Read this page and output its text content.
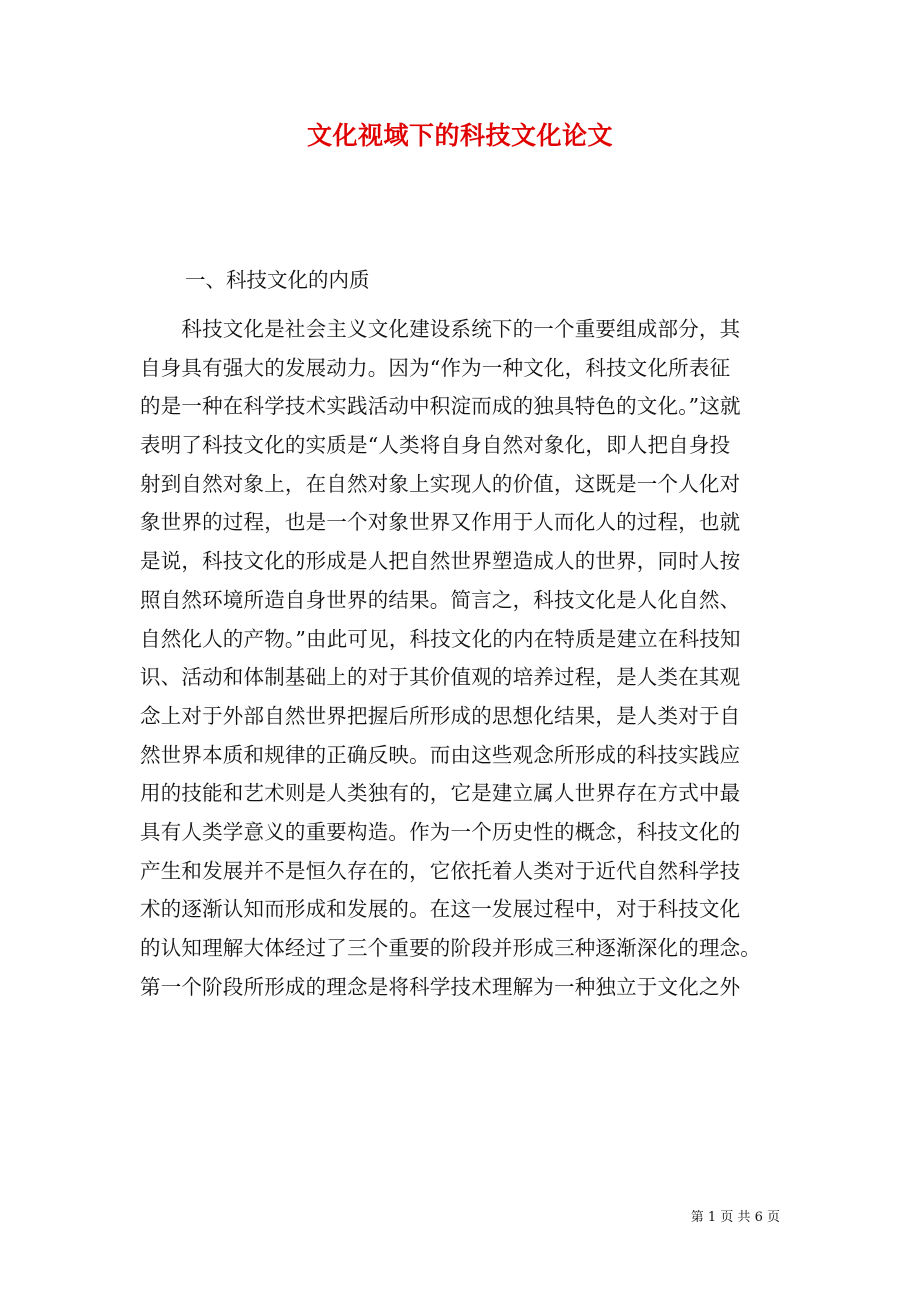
文化视域下的科技文化论文
一、科技文化的内质
　　科技文化是社会主义文化建设系统下的一个重要组成部分，其
自身具有强大的发展动力。因为“作为一种文化，科技文化所表征
的是一种在科学技术实践活动中积淀而成的独具特色的文化。”这就
表明了科技文化的实质是“人类将自身自然对象化，即人把自身投
射到自然对象上，在自然对象上实现人的价值，这既是一个人化对
象世界的过程，也是一个对象世界又作用于人而化人的过程，也就
是说，科技文化的形成是人把自然世界塑造成人的世界，同时人按
照自然环境所造自身世界的结果。简言之，科技文化是人化自然、
自然化人的产物。”由此可见，科技文化的内在特质是建立在科技知
识、活动和体制基础上的对于其价值观的培养过程，是人类在其观
念上对于外部自然世界把握后所形成的思想化结果，是人类对于自
然世界本质和规律的正确反映。而由这些观念所形成的科技实践应
用的技能和艺术则是人类独有的，它是建立属人世界存在方式中最
具有人类学意义的重要构造。作为一个历史性的概念，科技文化的
产生和发展并不是恒久存在的，它依托着人类对于近代自然科学技
术的逐渐认知而形成和发展的。在这一发展过程中，对于科技文化
的认知理解大体经过了三个重要的阶段并形成三种逐渐深化的理念。
第一个阶段所形成的理念是将科学技术理解为一种独立于文化之外
第 1 页 共 6 页
